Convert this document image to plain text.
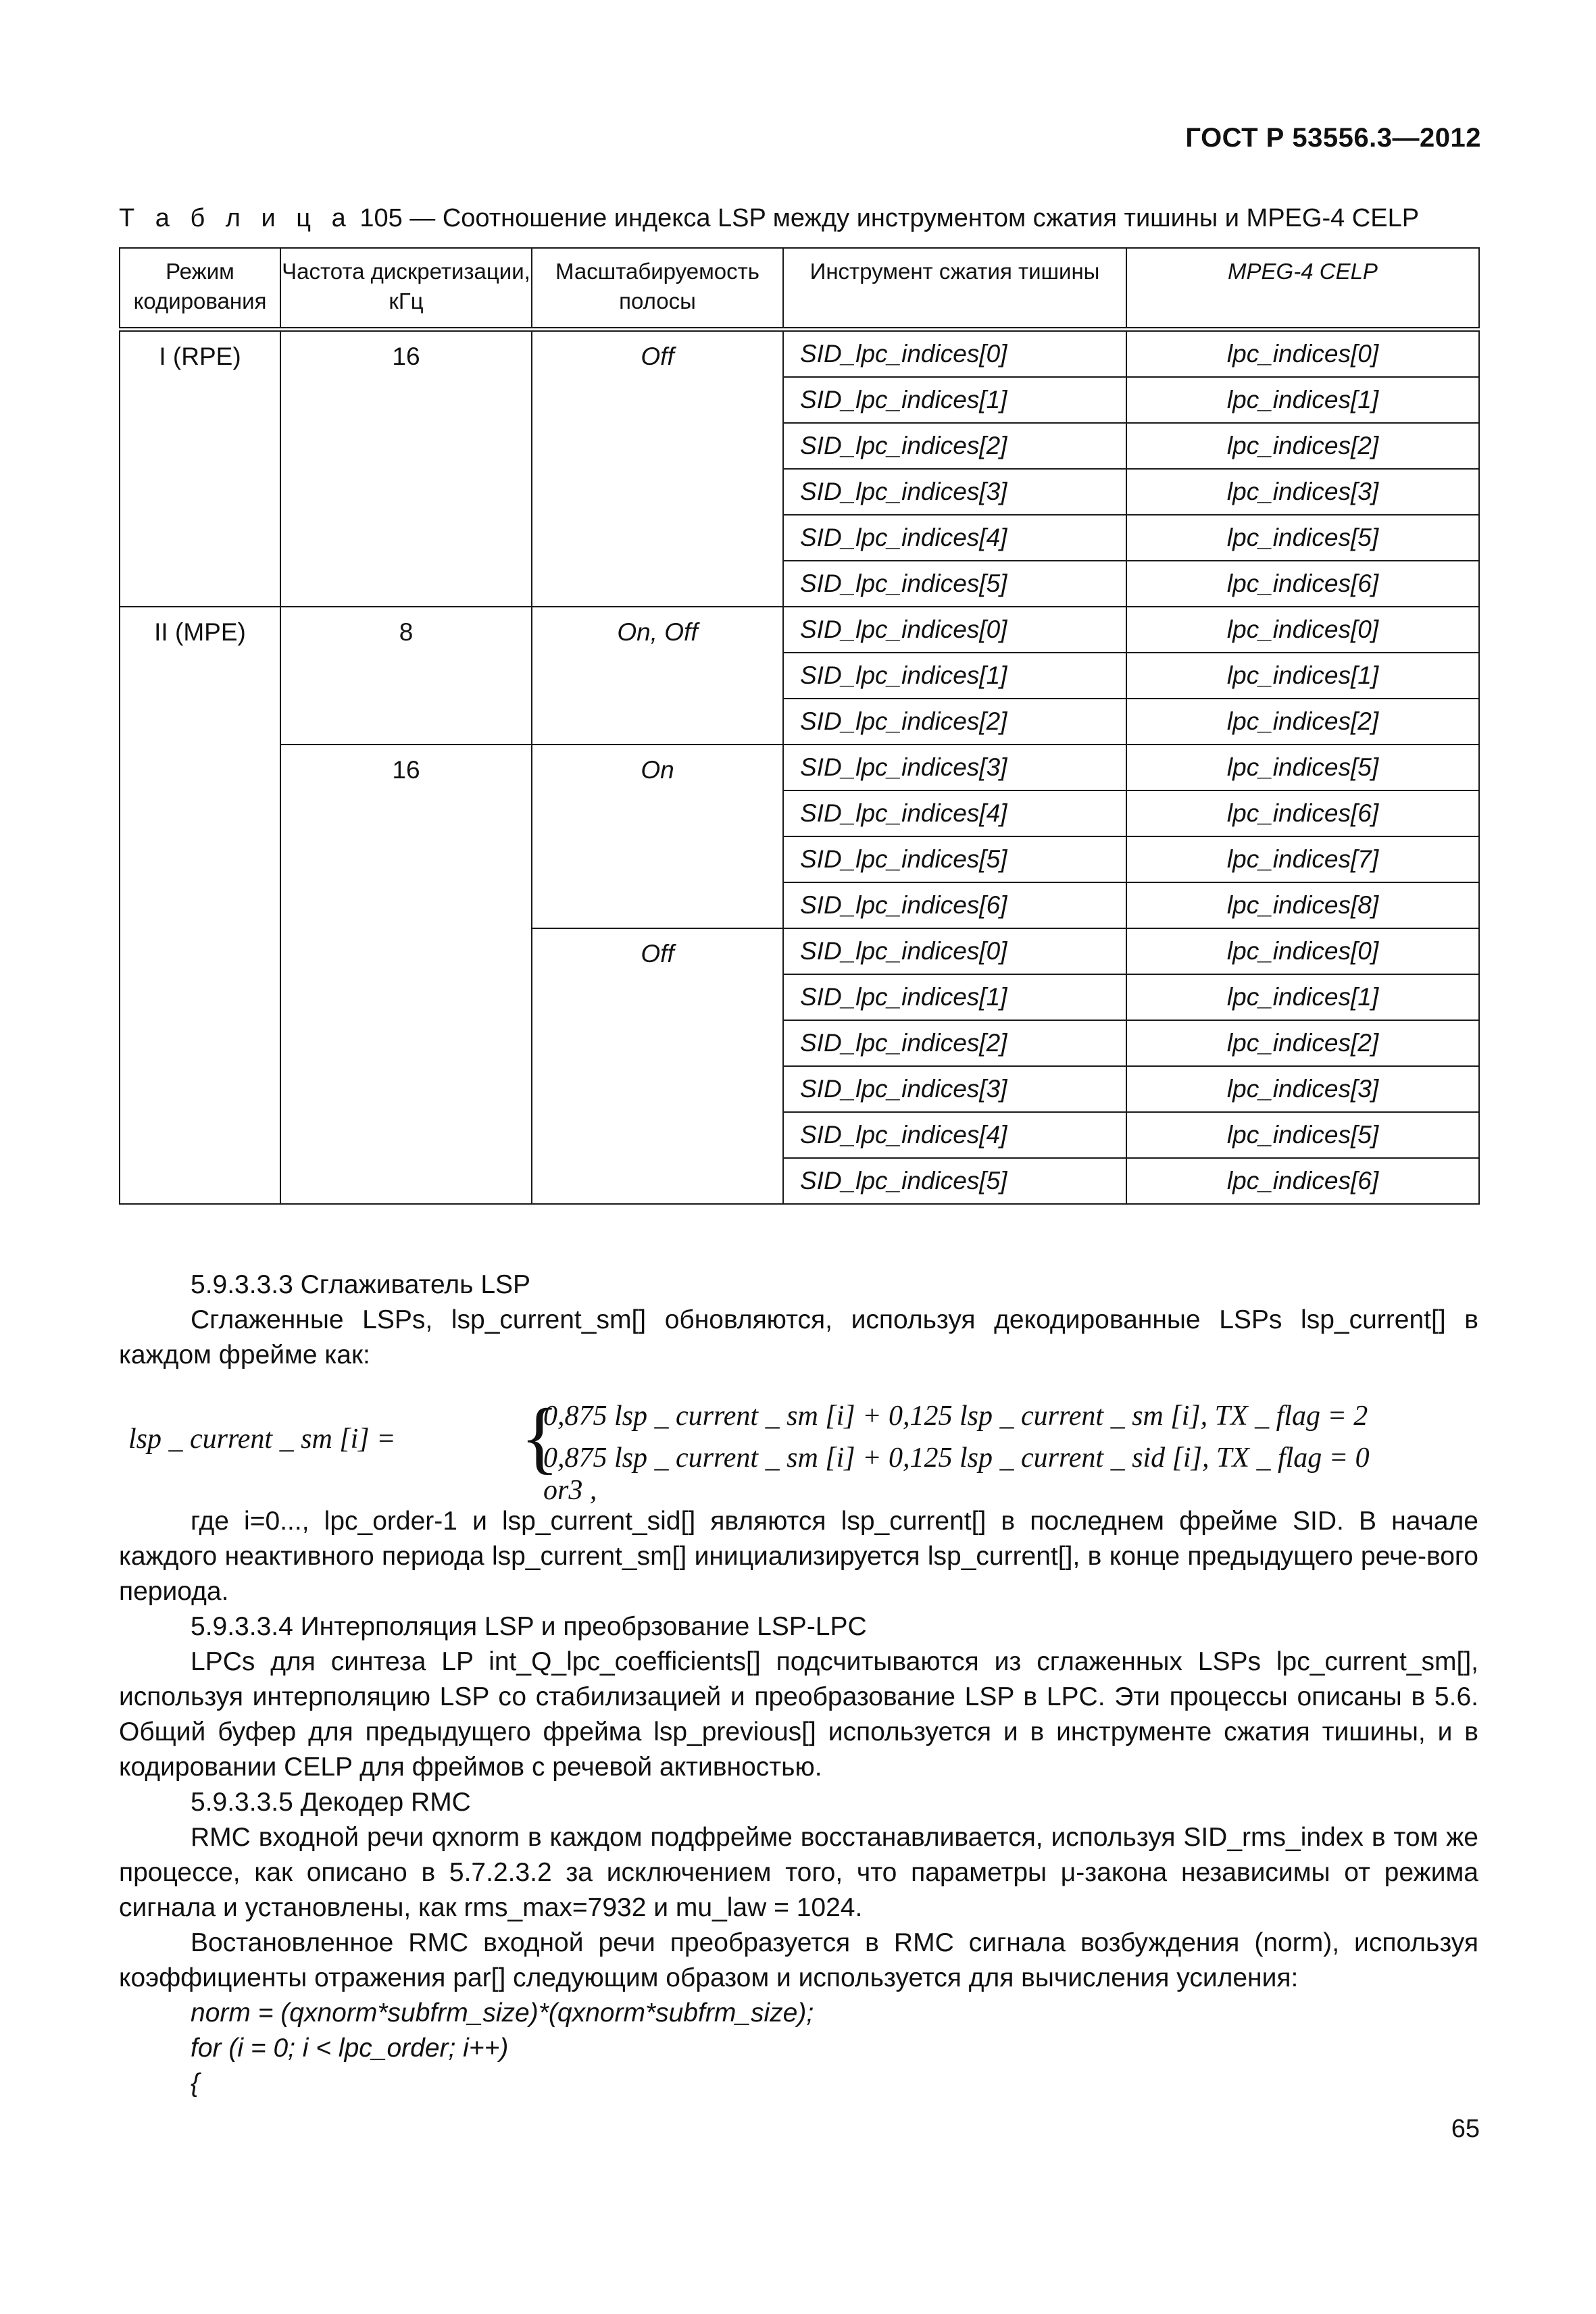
ГОСТ Р 53556.3—2012
Т а б л и ц а 105 — Соотношение индекса LSP между инструментом сжатия тишины и MPEG-4 CELP
Режим кодирования	Частота дискретизации, кГц	Масштабируемость полосы	Инструмент сжатия тишины	MPEG-4 CELP
I (RPE)	16	Off	SID_lpc_indices[0]	lpc_indices[0]
			SID_lpc_indices[1]	lpc_indices[1]
			SID_lpc_indices[2]	lpc_indices[2]
			SID_lpc_indices[3]	lpc_indices[3]
			SID_lpc_indices[4]	lpc_indices[5]
			SID_lpc_indices[5]	lpc_indices[6]
II (MPE)	8	On, Off	SID_lpc_indices[0]	lpc_indices[0]
			SID_lpc_indices[1]	lpc_indices[1]
			SID_lpc_indices[2]	lpc_indices[2]
	16	On	SID_lpc_indices[3]	lpc_indices[5]
			SID_lpc_indices[4]	lpc_indices[6]
			SID_lpc_indices[5]	lpc_indices[7]
			SID_lpc_indices[6]	lpc_indices[8]
		Off	SID_lpc_indices[0]	lpc_indices[0]
			SID_lpc_indices[1]	lpc_indices[1]
			SID_lpc_indices[2]	lpc_indices[2]
			SID_lpc_indices[3]	lpc_indices[3]
			SID_lpc_indices[4]	lpc_indices[5]
			SID_lpc_indices[5]	lpc_indices[6]

5.9.3.3.3 Сглаживатель LSP

Сглаженные LSPs, lsp_current_sm[] обновляются, используя декодированные LSPs lsp_current[] в каждом фрейме как:

lsp _ current _ sm [i] = {
0,875 lsp _ current _ sm [i] + 0,125 lsp _ current _ sm [i], TX _ flag = 2
0,875 lsp _ current _ sm [i] + 0,125 lsp _ current _ sid [i], TX _ flag = 0 or3 ,

где i=0..., lpc_order-1 и lsp_current_sid[] являются lsp_current[] в последнем фрейме SID. В начале каждого неактивного периода lsp_current_sm[] инициализируется lsp_current[], в конце предыдущего рече-вого периода.

5.9.3.3.4 Интерполяция LSP и преобрзование LSP-LPC

LPCs для синтеза LP int_Q_lpc_coefficients[] подсчитываются из сглаженных LSPs lpc_current_sm[], используя интерполяцию LSP со стабилизацией и преобразование LSP в LPC. Эти процессы описаны в 5.6. Общий буфер для предыдущего фрейма lsp_previous[] используется и в инструменте сжатия тишины, и в кодировании CELP для фреймов с речевой активностью.

5.9.3.3.5 Декодер RMC

RMC входной речи qxnorm в каждом подфрейме восстанавливается, используя SID_rms_index в том же процессе, как описано в 5.7.2.3.2 за исключением того, что параметры μ-закона независимы от режима сигнала и установлены, как rms_max=7932 и mu_law = 1024.

Востановленное RMC входной речи преобразуется в RMC сигнала возбуждения (norm), используя коэффициенты отражения par[] следующим образом и используется для вычисления усиления:

norm = (qxnorm*subfrm_size)*(qxnorm*subfrm_size);

for (i = 0; i < lpc_order; i++)

{

65
